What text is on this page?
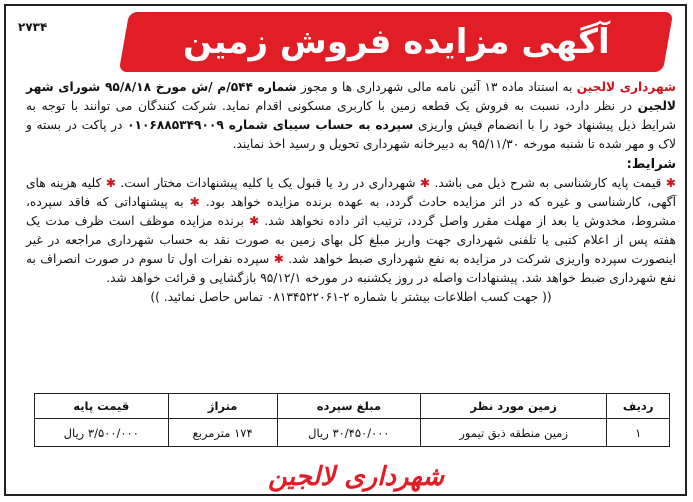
۲۷۳۴	آگهی مزایده فروش زمین
شهرداری لالجین به استناد ماده ۱۳ آئین نامه مالی شهرداری ها و مجوز شماره ۵۴۴/م /ش مورخ ۹۵/۸/۱۸ شورای شهر لالجین در نظر دارد، نسبت به فروش یک قطعه زمین با کاربری مسکونی اقدام نماید. شرکت کنندگان می توانند با توجه به شرایط ذیل پیشنهاد خود را با انضمام فیش واریزی سپرده به حساب سیبای شماره ۰۱۰۶۸۸۵۳۴۹۰۰۹ در پاکت در بسته و لاک و مهر شده تا شنبه مورخه ۹۵/۱۱/۳۰ به دبیرخانه شهرداری تحویل و رسید اخذ نمایند.
شرایط:
✱ قیمت پایه کارشناسی به شرح ذیل می باشد. ✱ شهرداری در رد یا قبول یک یا کلیه پیشنهادات مختار است. ✱ کلیه هزینه های آگهی، کارشناسی و غیره که در اثر مزایده حادث گردد، به عهده برنده مزایده خواهد بود. ✱ به پیشنهاداتی که فاقد سپرده، مشروط، مخدوش یا بعد از مهلت مقرر واصل گردد، ترتیب اثر داده نخواهد شد. ✱ برنده مزایده موظف است ظرف مدت یک هفته پس از اعلام کتبی یا تلفنی شهرداری جهت واریز مبلغ کل بهای زمین به صورت نقد به حساب شهرداری مراجعه در غیر اینصورت سپرده واریزی شرکت در مزایده به نفع شهرداری ضبط خواهد شد. ✱ سپرده نفرات اول تا سوم در صورت انصراف به نفع شهرداری ضبط خواهد شد. پیشنهادات واصله در روز یکشنبه در مورخه ۹۵/۱۲/۱ بازگشایی و قرائت خواهد شد.
(( جهت کسب اطلاعات بیشتر با شماره ۲-۰۸۱۳۴۵۲۲۰۶۱ تماس حاصل نمائید. ))
ردیف	زمین مورد نظر	مبلغ سپرده	متراژ	قیمت پایه
۱	زمین منطقه ذبق تیمور	۳۰/۴۵۰/۰۰۰ ریال	۱۷۴ مترمربع	۳/۵۰۰/۰۰۰ ریال
شهرداری لالجین
